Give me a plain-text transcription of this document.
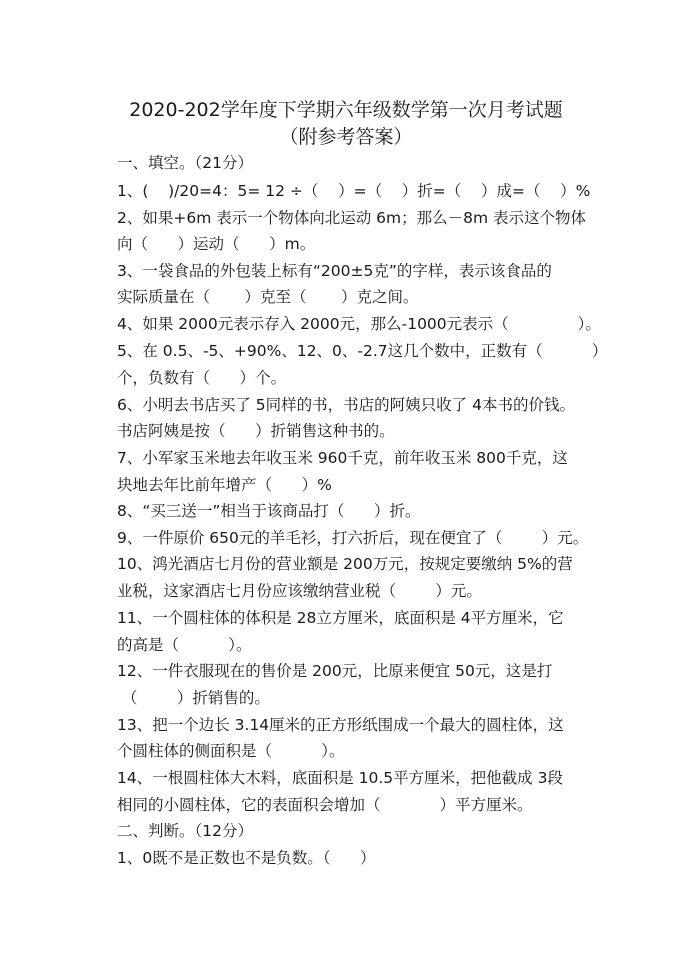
2020-202学年度下学期六年级数学第一次月考试题
（附参考答案）
一、填空。（21分）
1、(    )/20=4：5= 12 ÷（    ）=（    ）折=（    ）成=（    ）%
2、如果+6m 表示一个物体向北运动 6m；那么－8m 表示这个物体
向（      ）运动（      ）m。
3、一袋食品的外包装上标有“200±5克”的字样，表示该食品的
实际质量在（       ）克至（       ）克之间。
4、如果 2000元表示存入 2000元，那么-1000元表示（              ）。
5、在 0.5、-5、+90%、12、0、-2.7这几个数中，正数有（          ）
个，负数有（      ）个。
6、小明去书店买了 5同样的书，书店的阿姨只收了 4本书的价钱。
书店阿姨是按（      ）折销售这种书的。
7、小军家玉米地去年收玉米 960千克，前年收玉米 800千克，这
块地去年比前年增产（      ）%
8、“买三送一”相当于该商品打（      ）折。
9、一件原价 650元的羊毛衫，打六折后，现在便宜了（        ）元。
10、鸿光酒店七月份的营业额是 200万元，按规定要缴纳 5%的营
业税，这家酒店七月份应该缴纳营业税（        ）元。
11、一个圆柱体的体积是 28立方厘米，底面积是 4平方厘米，它
的高是（          ）。
12、一件衣服现在的售价是 200元，比原来便宜 50元，这是打
（        ）折销售的。
13、把一个边长 3.14厘米的正方形纸围成一个最大的圆柱体，这
个圆柱体的侧面积是（          ）。
14、一根圆柱体大木料，底面积是 10.5平方厘米，把他截成 3段
相同的小圆柱体，它的表面积会增加（            ）平方厘米。
二、判断。（12分）
1、0既不是正数也不是负数。（      ）
